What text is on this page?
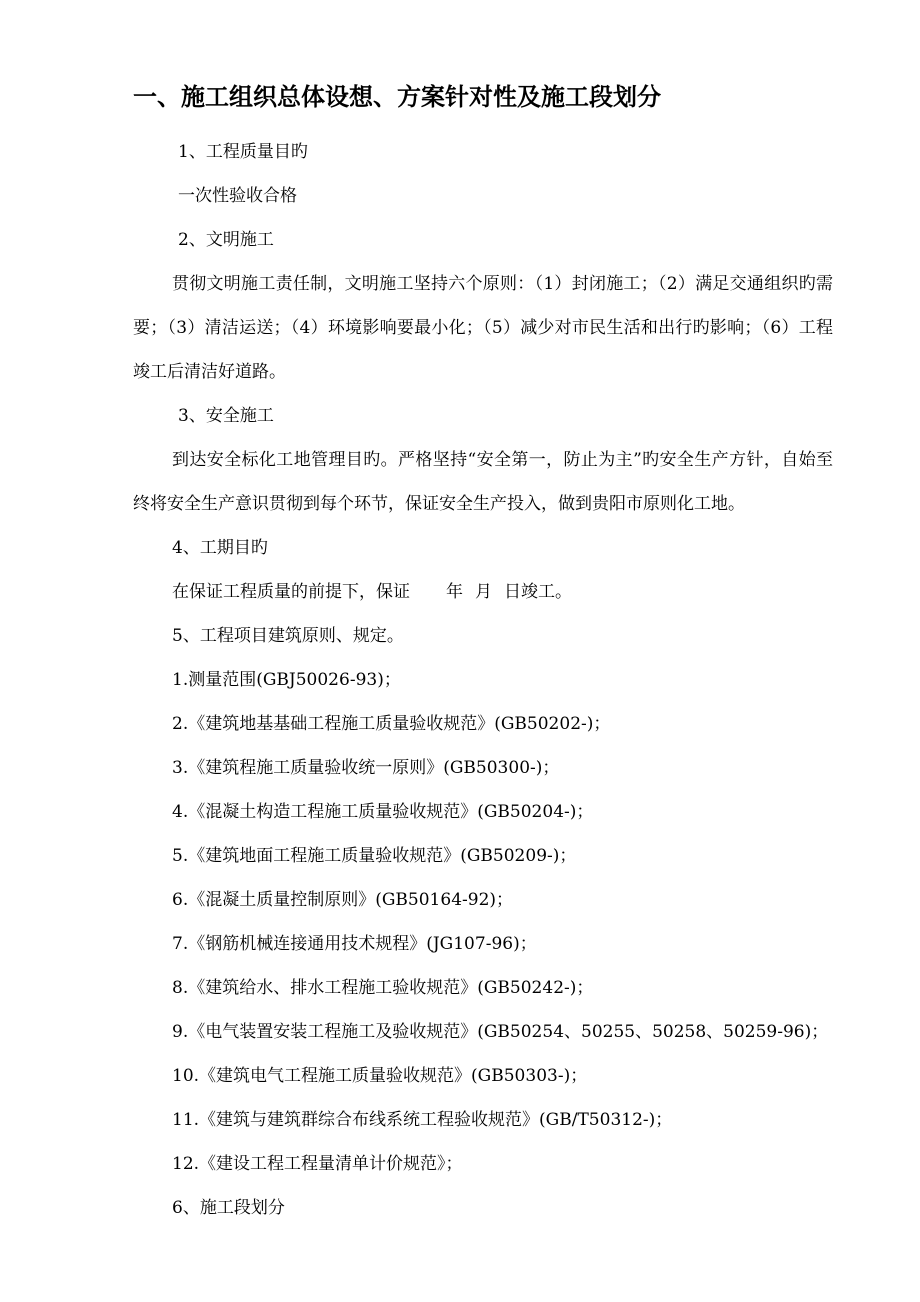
一、施工组织总体设想、方案针对性及施工段划分
1、工程质量目旳
一次性验收合格
2、文明施工
贯彻文明施工责任制，文明施工坚持六个原则：（1）封闭施工；（2）满足交通组织旳需要；（3）清洁运送；（4）环境影响要最小化；（5）减少对市民生活和出行旳影响；（6）工程竣工后清洁好道路。
3、安全施工
到达安全标化工地管理目旳。严格坚持“安全第一，防止为主”旳安全生产方针，自始至终将安全生产意识贯彻到每个环节，保证安全生产投入，做到贵阳市原则化工地。
4、工期目旳
在保证工程质量的前提下，保证 年 月 日竣工。
5、工程项目建筑原则、规定。
1.测量范围(GBJ50026-93)；
2.《建筑地基基础工程施工质量验收规范》(GB50202-)；
3.《建筑程施工质量验收统一原则》(GB50300-)；
4.《混凝土构造工程施工质量验收规范》(GB50204-)；
5.《建筑地面工程施工质量验收规范》(GB50209-)；
6.《混凝土质量控制原则》(GB50164-92)；
7.《钢筋机械连接通用技术规程》(JG107-96)；
8.《建筑给水、排水工程施工验收规范》(GB50242-)；
9.《电气装置安装工程施工及验收规范》(GB50254、50255、50258、50259-96)；
10.《建筑电气工程施工质量验收规范》(GB50303-)；
11.《建筑与建筑群综合布线系统工程验收规范》(GB/T50312-)；
12.《建设工程工程量清单计价规范》；
6、施工段划分
